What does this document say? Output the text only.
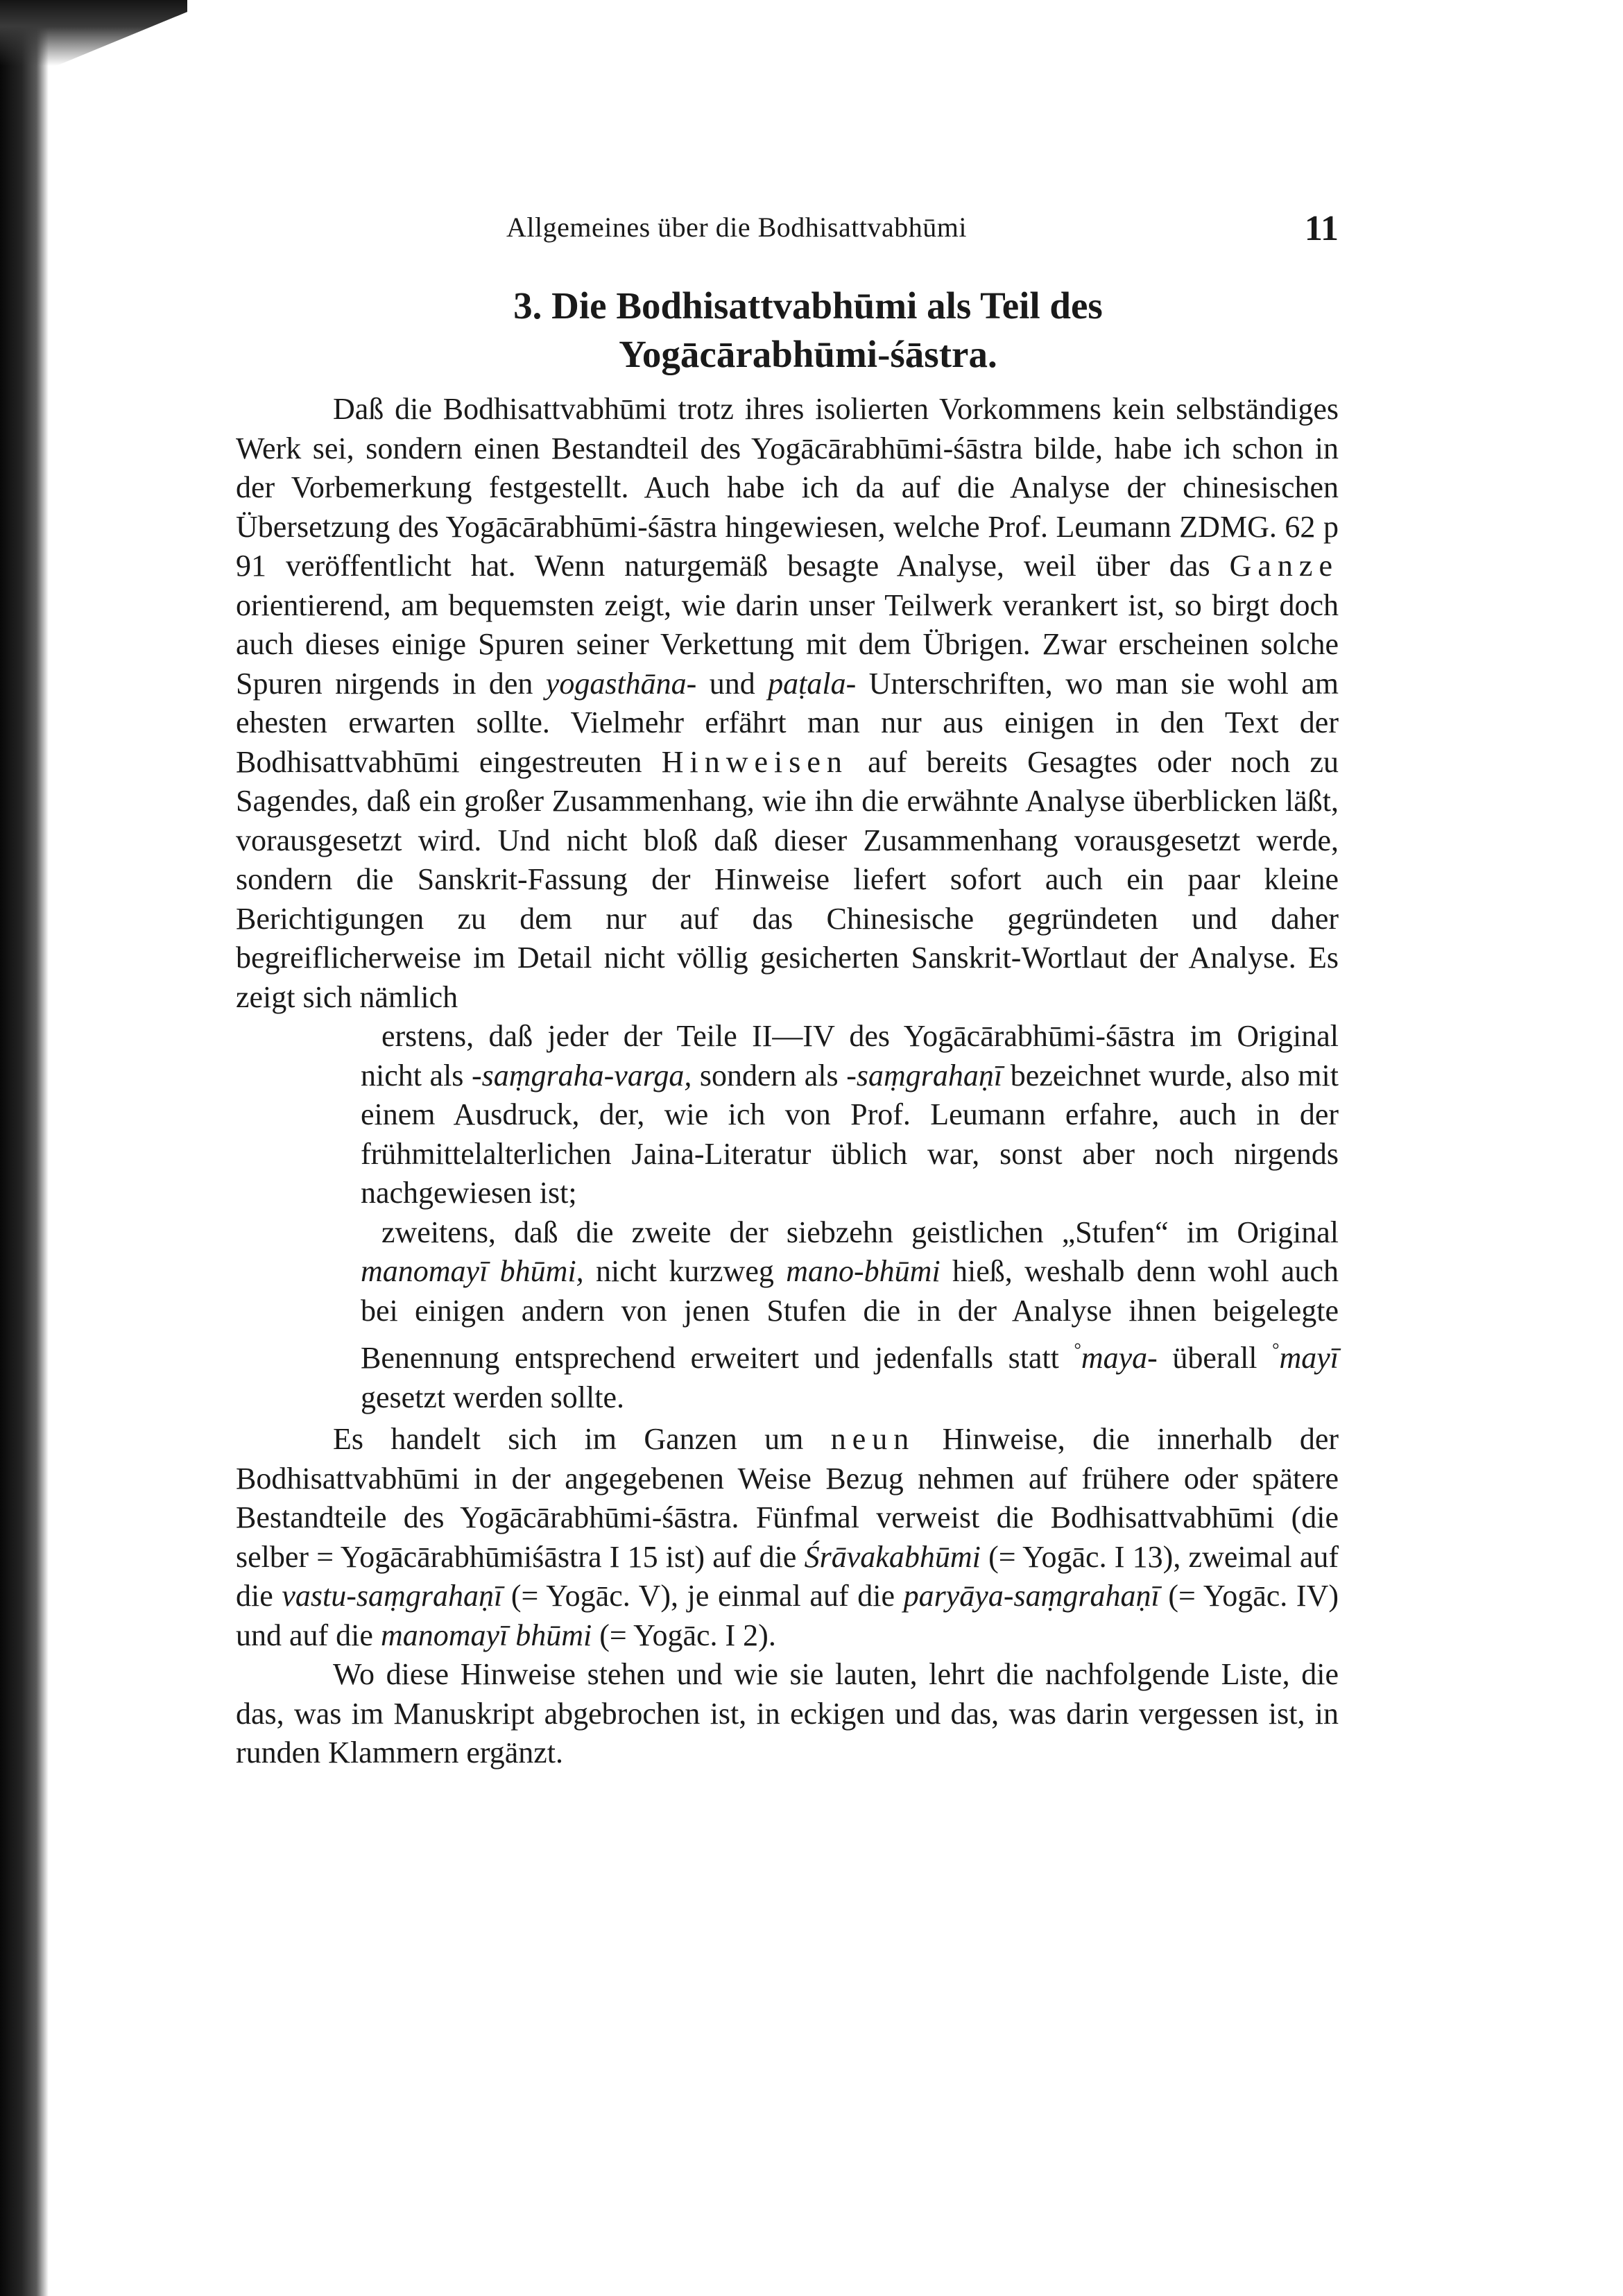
Allgemeines über die Bodhisattvabhūmi	11
3. Die Bodhisattvabhūmi als Teil des
Yogācārabhūmi-śāstra.

Daß die Bodhisattvabhūmi trotz ihres isolierten Vorkommens kein selbständiges Werk sei, sondern einen Bestandteil des Yogācārabhūmi-śāstra bilde, habe ich schon in der Vorbemerkung festgestellt. Auch habe ich da auf die Analyse der chinesischen Übersetzung des Yogācārabhūmi-śāstra hingewiesen, welche Prof. Leumann ZDMG. 62 p 91 veröffentlicht hat. Wenn naturgemäß besagte Analyse, weil über das Ganze orientierend, am bequemsten zeigt, wie darin unser Teilwerk verankert ist, so birgt doch auch dieses einige Spuren seiner Verkettung mit dem Übrigen. Zwar erscheinen solche Spuren nirgends in den yogasthāna- und paṭala- Unterschriften, wo man sie wohl am ehesten erwarten sollte. Vielmehr erfährt man nur aus einigen in den Text der Bodhisattvabhūmi eingestreuten Hinweisen auf bereits Gesagtes oder noch zu Sagendes, daß ein großer Zusammenhang, wie ihn die erwähnte Analyse überblicken läßt, vorausgesetzt wird. Und nicht bloß daß dieser Zusammenhang vorausgesetzt werde, sondern die Sanskrit-Fassung der Hinweise liefert sofort auch ein paar kleine Berichtigungen zu dem nur auf das Chinesische gegründeten und daher begreiflicherweise im Detail nicht völlig gesicherten Sanskrit-Wortlaut der Analyse. Es zeigt sich nämlich

erstens, daß jeder der Teile II—IV des Yogācārabhūmi-śāstra im Original nicht als -saṃgraha-varga, sondern als -saṃgrahaṇī bezeichnet wurde, also mit einem Ausdruck, der, wie ich von Prof. Leumann erfahre, auch in der frühmittelalterlichen Jaina-Literatur üblich war, sonst aber noch nirgends nachgewiesen ist;

zweitens, daß die zweite der siebzehn geistlichen „Stufen“ im Original manomayī bhūmi, nicht kurzweg mano-bhūmi hieß, weshalb denn wohl auch bei einigen andern von jenen Stufen die in der Analyse ihnen beigelegte Benennung entsprechend erweitert und jedenfalls statt °maya- überall °mayī gesetzt werden sollte.

Es handelt sich im Ganzen um neun Hinweise, die innerhalb der Bodhisattvabhūmi in der angegebenen Weise Bezug nehmen auf frühere oder spätere Bestandteile des Yogācārabhūmi-śāstra. Fünfmal verweist die Bodhisattvabhūmi (die selber = Yogācārabhūmiśāstra I 15 ist) auf die Śrāvakabhūmi (= Yogāc. I 13), zweimal auf die vastu-saṃgrahaṇī (= Yogāc. V), je einmal auf die paryāya-saṃgrahaṇī (= Yogāc. IV) und auf die manomayī bhūmi (= Yogāc. I 2).

Wo diese Hinweise stehen und wie sie lauten, lehrt die nachfolgende Liste, die das, was im Manuskript abgebrochen ist, in eckigen und das, was darin vergessen ist, in runden Klammern ergänzt.
